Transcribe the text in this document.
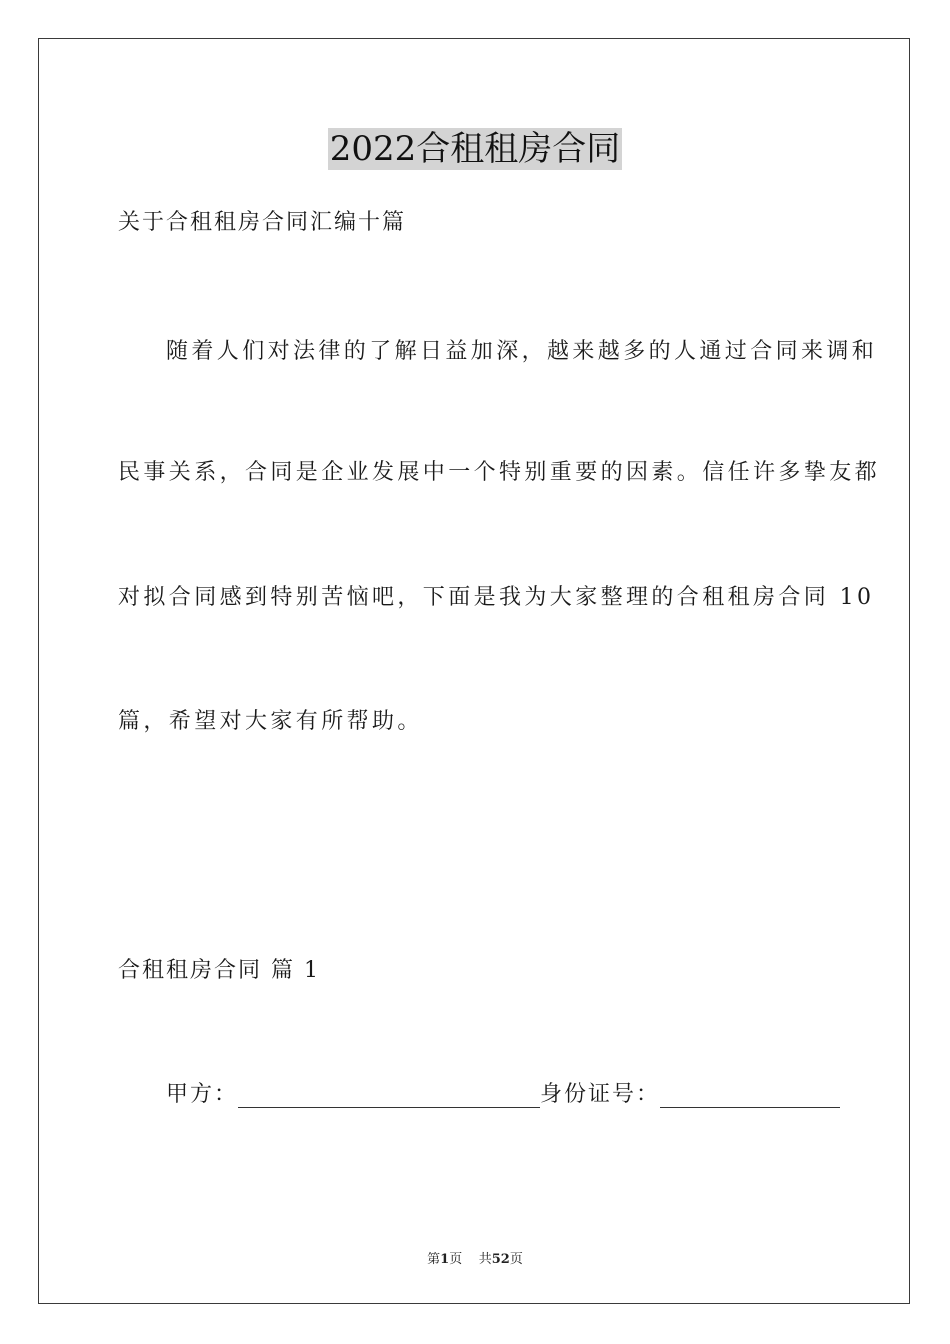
2022合租租房合同
关于合租租房合同汇编十篇
随着人们对法律的了解日益加深，越来越多的人通过合同来调和
民事关系，合同是企业发展中一个特别重要的因素。信任许多挚友都
对拟合同感到特别苦恼吧，下面是我为大家整理的合租租房合同 10
篇，希望对大家有所帮助。
合租租房合同 篇 1
甲方：	身份证号：
第1页 共52页
